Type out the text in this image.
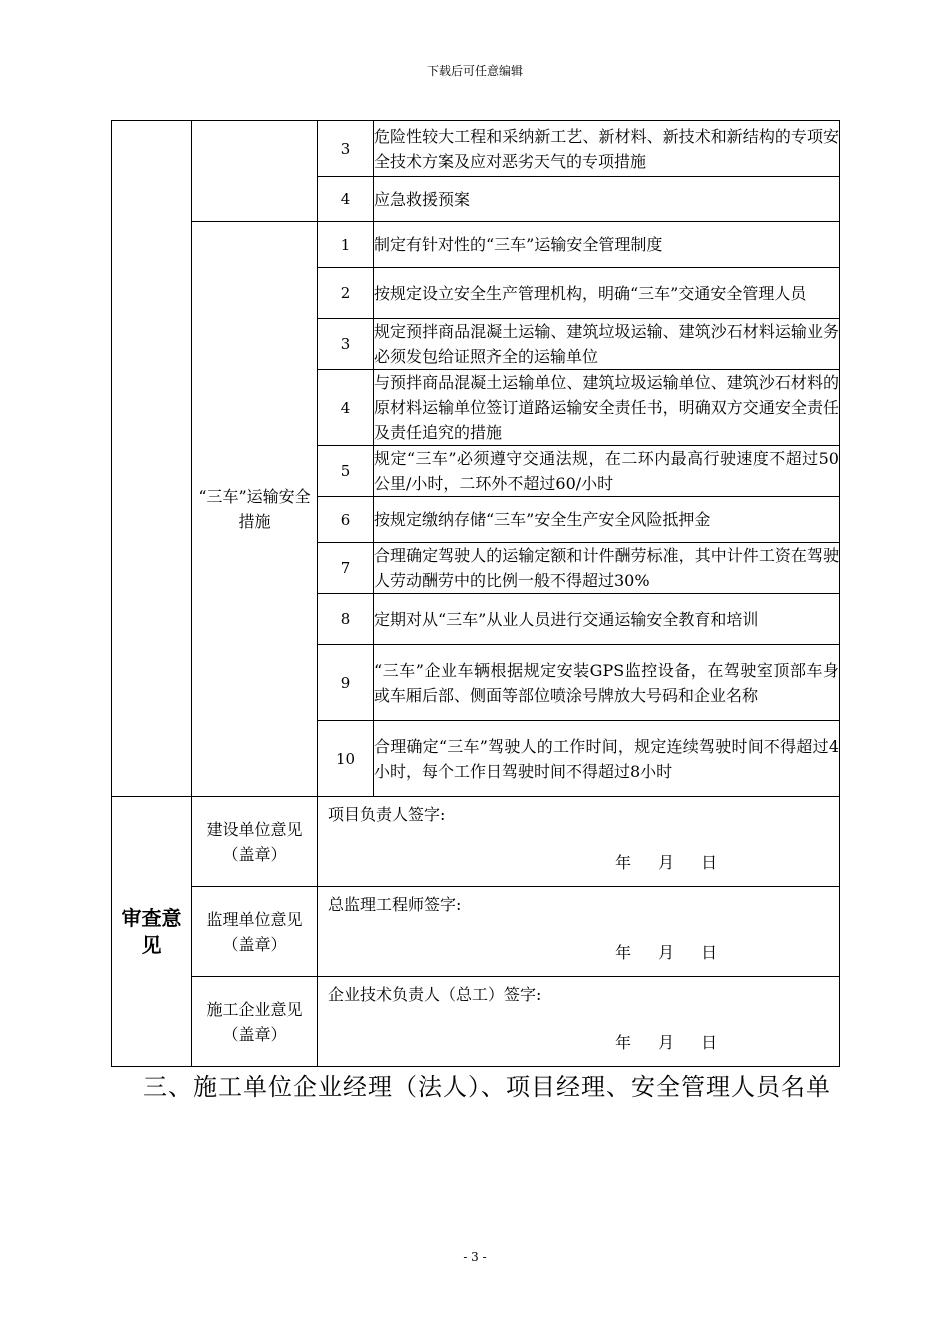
下载后可任意编辑
		3	危险性较大工程和采纳新工艺、新材料、新技术和新结构的专项安全技术方案及应对恶劣天气的专项措施
		4	应急救援预案
	“三车”运输安全措施	1	制定有针对性的“三车”运输安全管理制度
		2	按规定设立安全生产管理机构，明确“三车”交通安全管理人员
		3	规定预拌商品混凝土运输、建筑垃圾运输、建筑沙石材料运输业务必须发包给证照齐全的运输单位
		4	与预拌商品混凝土运输单位、建筑垃圾运输单位、建筑沙石材料的原材料运输单位签订道路运输安全责任书，明确双方交通安全责任及责任追究的措施
		5	规定“三车”必须遵守交通法规，在二环内最高行驶速度不超过50公里/小时，二环外不超过60/小时
		6	按规定缴纳存储“三车”安全生产安全风险抵押金
		7	合理确定驾驶人的运输定额和计件酬劳标准，其中计件工资在驾驶人劳动酬劳中的比例一般不得超过30%
		8	定期对从“三车”从业人员进行交通运输安全教育和培训
		9	“三车”企业车辆根据规定安装GPS监控设备，在驾驶室顶部车身或车厢后部、侧面等部位喷涂号牌放大号码和企业名称
		10	合理确定“三车”驾驶人的工作时间，规定连续驾驶时间不得超过4小时，每个工作日驾驶时间不得超过8小时
审查意见	建设单位意见（盖章）	项目负责人签字:
年 月 日	

	监理单位意见（盖章）	总监理工程师签字:
年 月 日	

	施工企业意见（盖章）	企业技术负责人（总工）签字:
年 月 日	
三、施工单位企业经理（法人）、项目经理、安全管理人员名单
- 3 -
